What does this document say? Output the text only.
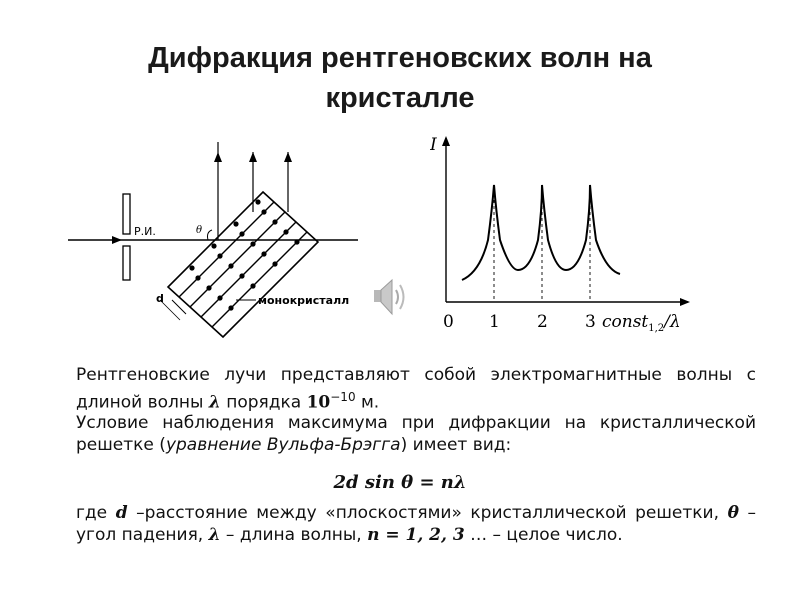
Дифракция рентгеновских волн на
кристалле
Р.И.	θ
d	монокристалл
I
0 1 2 3 const$_{1,2}$/λ
Рентгеновские лучи представляют собой электромагнитные волны с длиной волны λ порядка $10^{-10}$ м.
Условие наблюдения максимума при дифракции на кристаллической решетке (уравнение Вульфа-Брэгга) имеет вид:
2d sin θ = nλ
где d –расстояние между «плоскостями» кристаллической решетки, θ – угол падения, λ – длина волны, n = 1, 2, 3 … – целое число.
